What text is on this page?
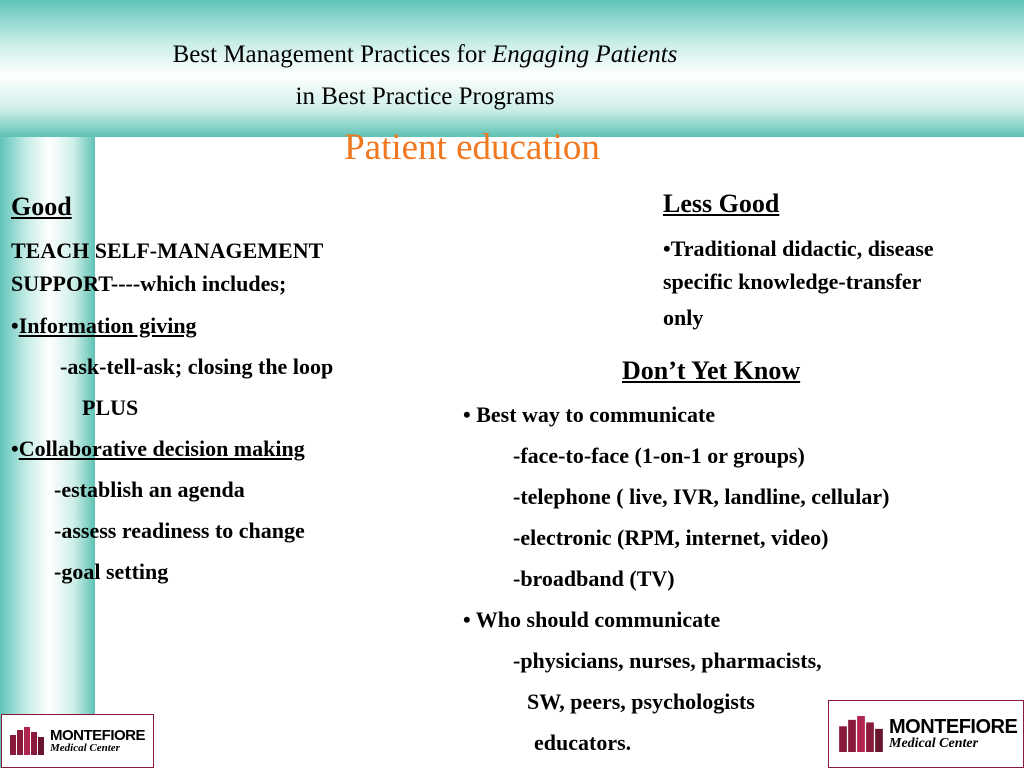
Best Management Practices for Engaging Patients
in Best Practice Programs
Patient education
Good
TEACH SELF-MANAGEMENT
SUPPORT----which includes;
•Information giving
-ask-tell-ask; closing the loop
PLUS
•Collaborative decision making
-establish an agenda
-assess readiness to change
-goal setting
Less Good
•Traditional didactic, disease
specific knowledge-transfer
only
Don’t Yet Know
• Best way to communicate
-face-to-face (1-on-1 or groups)
-telephone ( live, IVR, landline, cellular)
-electronic (RPM, internet, video)
-broadband (TV)
• Who should communicate
-physicians, nurses, pharmacists,
SW, peers, psychologists
educators.
MONTEFIORE
Medical Center
MONTEFIORE
Medical Center
